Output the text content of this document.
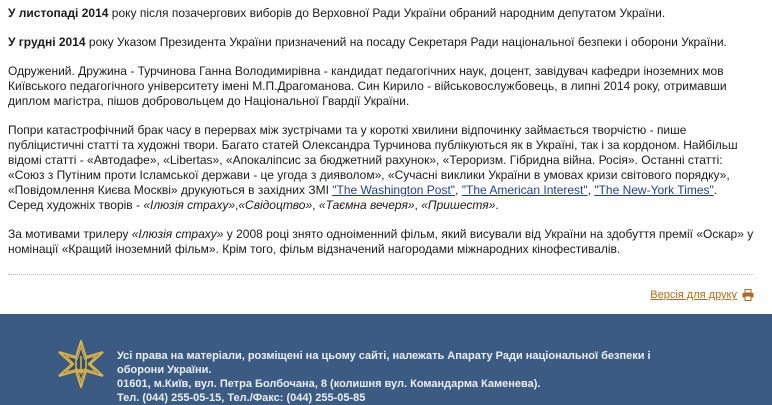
У листопаді 2014 року після позачергових виборів до Верховної Ради України обраний народним депутатом України.

У грудні 2014 року Указом Президента України призначений на посаду Секретаря Ради національної безпеки і оборони України.

Одружений. Дружина - Турчинова Ганна Володимирівна - кандидат педагогічних наук, доцент, завідувач кафедри іноземних мов Київського педагогічного університету імені М.П.Драгоманова. Син Кирило - військовослужбовець, в липні 2014 року, отримавши диплом магістра, пішов добровольцем до Національної Гвардії України.

Попри катастрофічний брак часу в перервах між зустрічами та у короткі хвилини відпочинку займається творчістю - пише публіцистичні статті та художні твори. Багато статей Олександра Турчинова публікуються як в Україні, так і за кордоном. Найбільш відомі статті - «Автодафе», «Libertas», «Апокаліпсис за бюджетний рахунок», «Тероризм. Гібридна війна. Росія». Останні статті: «Союз з Путіним проти Ісламської держави - це угода з дияволом», «Сучасні виклики України в умовах кризи світового порядку», «Повідомлення Києва Москві» друкуються в західних ЗМІ "The Washington Post", "The American Interest", "The New-York Times".
Серед художніх творів - «Ілюзія страху»,«Свідоцтво», «Таємна вечеря», «Пришестя».

За мотивами трилеру «Ілюзія страху» у 2008 році знято одноіменний фільм, який висували від України на здобуття премії «Оскар» у номінації «Кращий іноземний фільм». Крім того, фільм відзначений нагородами міжнародних кінофестивалів.

Версія для друку
Усі права на матеріали, розміщені на цьому сайті, належать Апарату Ради національної безпеки і оборони України.
01601, м.Київ, вул. Петра Болбочана, 8 (колишня вул. Командарма Каменева).
Тел. (044) 255-05-15, Тел./Факс: (044) 255-05-85
